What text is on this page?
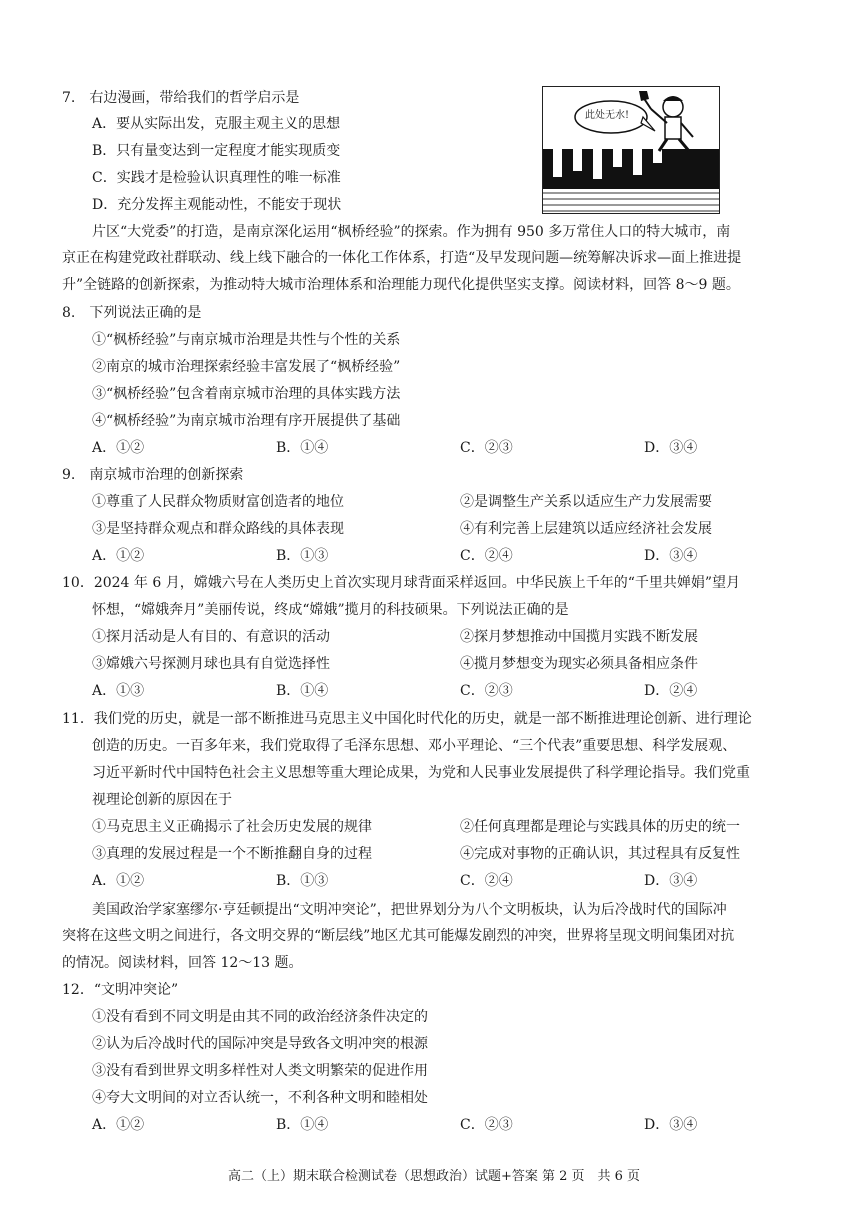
7.　右边漫画，带给我们的哲学启示是
A．要从实际出发，克服主观主义的思想
B．只有量变达到一定程度才能实现质变
C．实践才是检验认识真理性的唯一标准
D．充分发挥主观能动性，不能安于现状
此处无水!
片区“大党委”的打造，是南京深化运用“枫桥经验”的探索。作为拥有 950 多万常住人口的特大城市，南
京正在构建党政社群联动、线上线下融合的一体化工作体系，打造“及早发现问题—统筹解决诉求—面上推进提
升”全链路的创新探索，为推动特大城市治理体系和治理能力现代化提供坚实支撑。阅读材料，回答 8～9 题。
8.　下列说法正确的是
①“枫桥经验”与南京城市治理是共性与个性的关系
②南京的城市治理探索经验丰富发展了“枫桥经验”
③“枫桥经验”包含着南京城市治理的具体实践方法
④“枫桥经验”为南京城市治理有序开展提供了基础
A．①②	B．①④	C．②③	D．③④
9.　南京城市治理的创新探索
①尊重了人民群众物质财富创造者的地位	②是调整生产关系以适应生产力发展需要
③是坚持群众观点和群众路线的具体表现	④有利完善上层建筑以适应经济社会发展
A．①②	B．①③	C．②④	D．③④
10．2024 年 6 月，嫦娥六号在人类历史上首次实现月球背面采样返回。中华民族上千年的“千里共婵娟”望月
怀想，“嫦娥奔月”美丽传说，终成“嫦娥”揽月的科技硕果。下列说法正确的是
①探月活动是人有目的、有意识的活动	②探月梦想推动中国揽月实践不断发展
③嫦娥六号探测月球也具有自觉选择性	④揽月梦想变为现实必须具备相应条件
A．①③	B．①④	C．②③	D．②④
11．我们党的历史，就是一部不断推进马克思主义中国化时代化的历史，就是一部不断推进理论创新、进行理论
创造的历史。一百多年来，我们党取得了毛泽东思想、邓小平理论、“三个代表”重要思想、科学发展观、
习近平新时代中国特色社会主义思想等重大理论成果，为党和人民事业发展提供了科学理论指导。我们党重
视理论创新的原因在于
①马克思主义正确揭示了社会历史发展的规律	②任何真理都是理论与实践具体的历史的统一
③真理的发展过程是一个不断推翻自身的过程	④完成对事物的正确认识，其过程具有反复性
A．①②	B．①③	C．②④	D．③④
美国政治学家塞缪尔·亨廷顿提出“文明冲突论”，把世界划分为八个文明板块，认为后冷战时代的国际冲
突将在这些文明之间进行，各文明交界的“断层线”地区尤其可能爆发剧烈的冲突，世界将呈现文明间集团对抗
的情况。阅读材料，回答 12～13 题。
12．“文明冲突论”
①没有看到不同文明是由其不同的政治经济条件决定的
②认为后冷战时代的国际冲突是导致各文明冲突的根源
③没有看到世界文明多样性对人类文明繁荣的促进作用
④夸大文明间的对立否认统一，不利各种文明和睦相处
A．①②	B．①④	C．②③	D．③④
高二（上）期末联合检测试卷（思想政治）试题+答案 第 2 页　共 6 页
